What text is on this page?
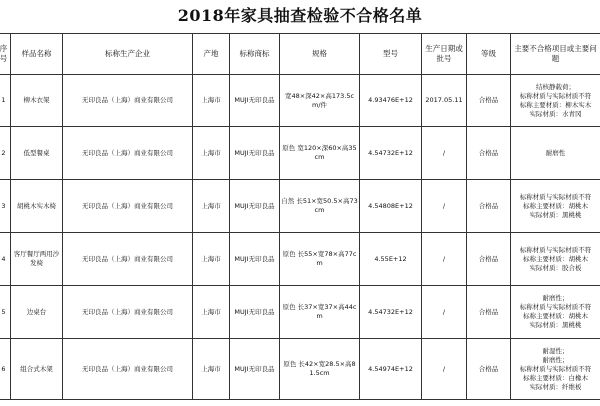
2018年家具抽查检验不合格名单
序号	样品名称	标称生产企业	产地	标称商标	规格	型号	生产日期或批号	等级	主要不合格项目或主要问题
1	柳木衣架	无印良品（上海）商业有限公司	上海市	MUJI无印良品	宽48×深42×高173.5cm/件	4.93476E+12	2017.05.11	合格品	结核静载荷；
标称材质与实际材质不符
标称主要材质：柳木实木
实际材质：水青冈

2	低型餐桌	无印良品（上海）商业有限公司	上海市	MUJI无印良品	原色 宽120×深60×高35cm	4.54732E+12	/	合格品	耐磨性

3	胡桃木实木椅	无印良品（上海）商业有限公司	上海市	MUJI无印良品	自然 长51×宽50.5×高73cm	4.54808E+12	/	合格品	标称材质与实际材质不符
标称主要材质：胡桃木
实际材质：黑桃桃

4	客厅餐厅两用沙发椅	无印良品（上海）商业有限公司	上海市	MUJI无印良品	原色 长55×宽78×高77cm	4.55E+12	/	合格品	标称材质与实际材质不符
标称主要材质：胡桃木
实际材质：胶合板

5	边桌台	无印良品（上海）商业有限公司	上海市	MUJI无印良品	原色 长37×宽37×高44cm	4.54732E+12	/	合格品	耐磨性；
标称材质与实际材质不符
标称主要材质：胡桃木
实际材质：黑桃桃

6	组合式木架	无印良品（上海）商业有限公司	上海市	MUJI无印良品	原色 长42×宽28.5×高81.5cm	4.54974E+12	/	合格品	耐湿性；
耐磨性；
标称材质与实际材质不符
标称主要材质：白橡木
实际材质：纤维板
